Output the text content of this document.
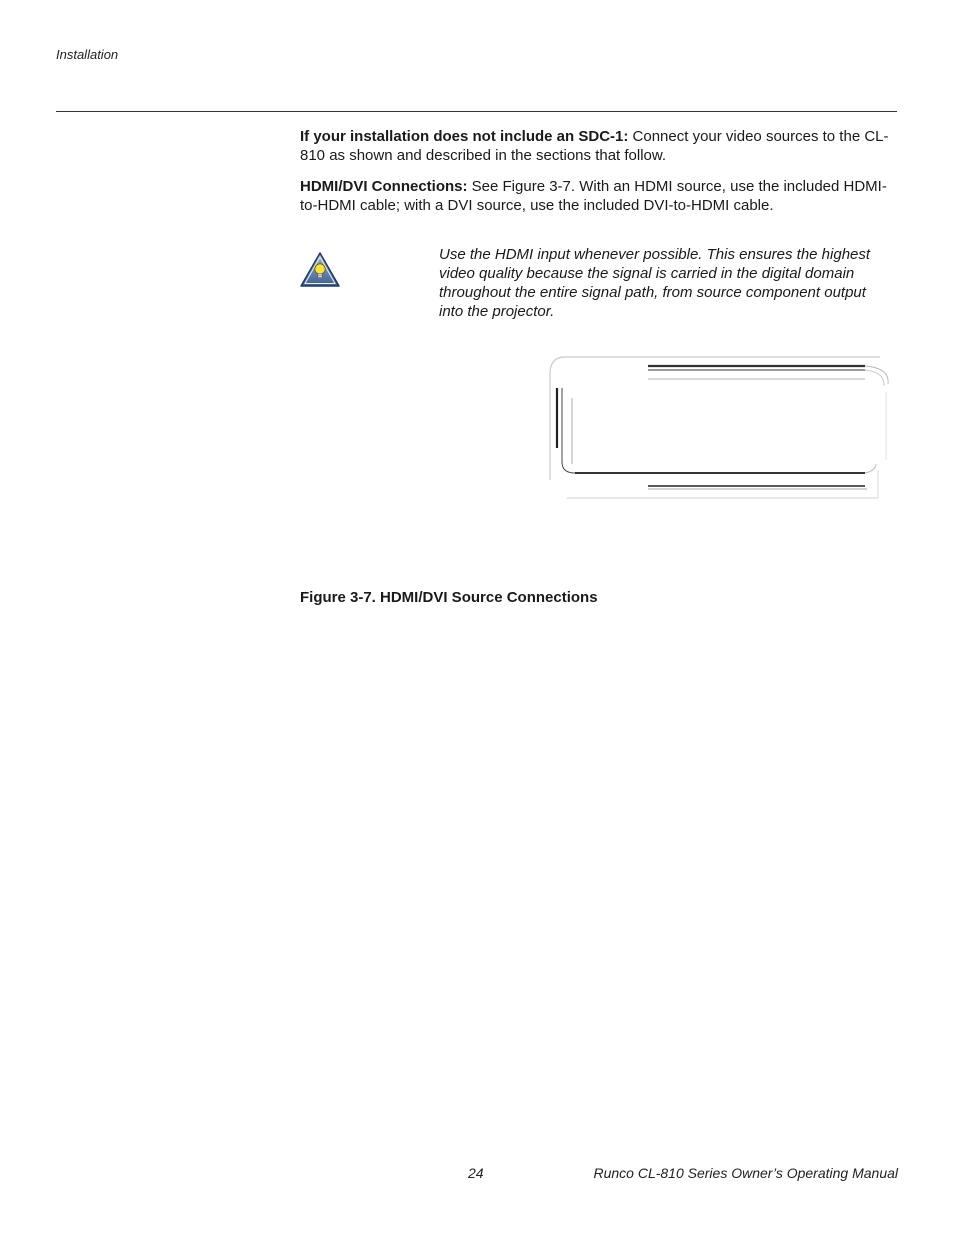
Installation

If your installation does not include an SDC-1: Connect your video sources to the CL-810 as shown and described in the sections that follow.

HDMI/DVI Connections: See Figure 3-7. With an HDMI source, use the included HDMI-to-HDMI cable; with a DVI source, use the included DVI-to-HDMI cable.

Use the HDMI input whenever possible. This ensures the highest video quality because the signal is carried in the digital domain throughout the entire signal path, from source component output into the projector.
Figure 3-7. HDMI/DVI Source Connections
24	Runco CL-810 Series Owner’s Operating Manual
